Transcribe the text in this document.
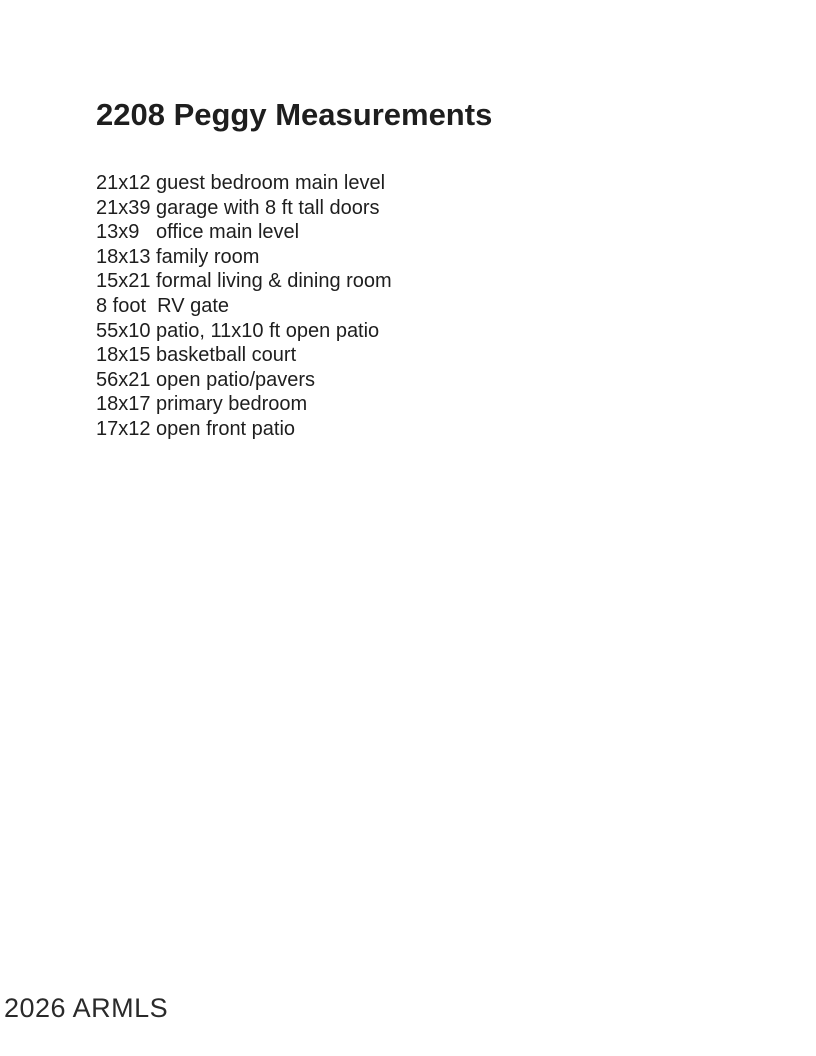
2208 Peggy Measurements
21x12 guest bedroom main level
21x39 garage with 8 ft tall doors
13x9   office main level
18x13 family room
15x21 formal living & dining room
8 foot  RV gate
55x10 patio, 11x10 ft open patio
18x15 basketball court
56x21 open patio/pavers
18x17 primary bedroom
17x12 open front patio
2026 ARMLS
